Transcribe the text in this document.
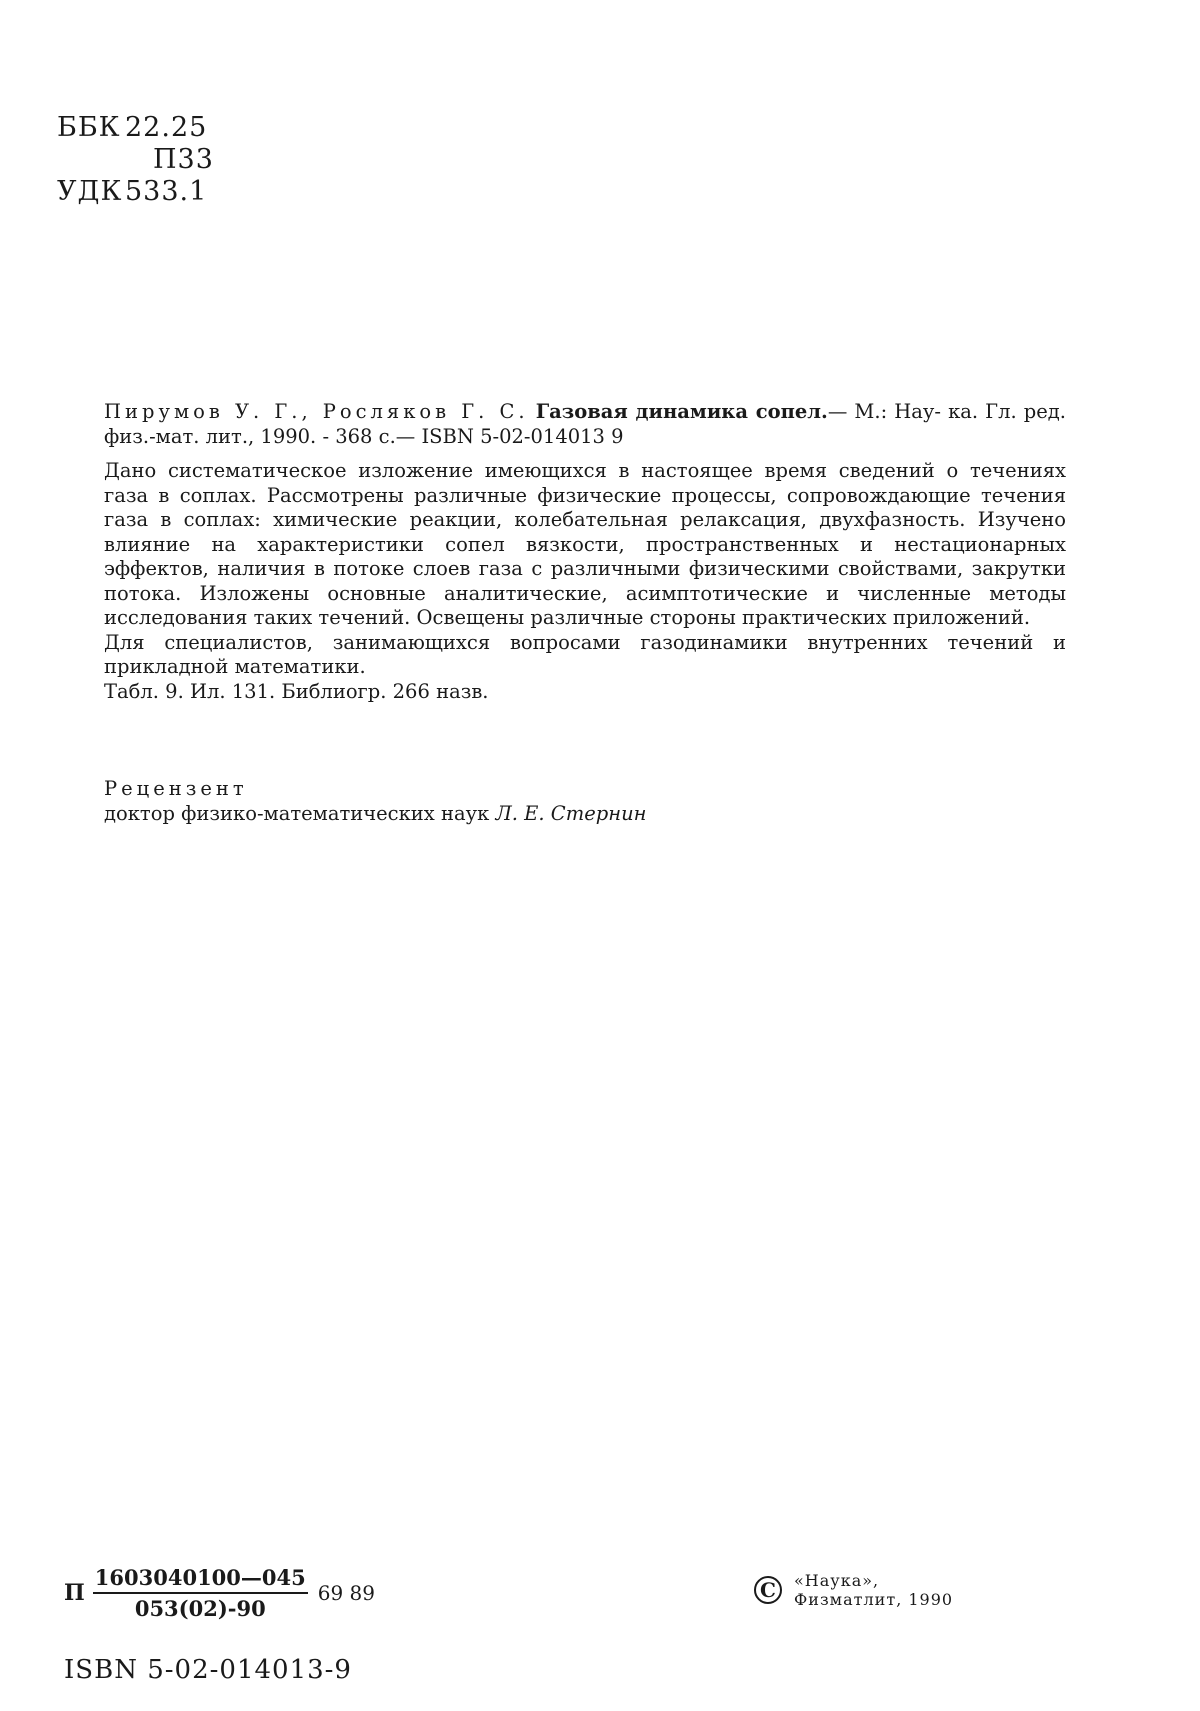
ББК 22.25
П33
УДК 533.1

Пирумов У. Г., Росляков Г. С. Газовая динамика сопел.— М.: Нау- ка. Гл. ред. физ.-мат. лит., 1990. - 368 с.— ISBN 5-02-014013 9

Дано систематическое изложение имеющихся в настоящее время сведений о течениях газа в соплах. Рассмотрены различные физические процессы, сопровождающие течения газа в соплах: химические реакции, колебательная релаксация, двухфазность. Изучено влияние на характеристики сопел вязкости, пространственных и нестационарных эффектов, наличия в потоке слоев газа с различными физическими свойствами, закрутки потока. Изложены основные аналитические, асимптотические и численные методы исследования таких течений. Освещены различные стороны практических приложений.

Для специалистов, занимающихся вопросами газодинамики внутренних течений и прикладной математики.

Табл. 9. Ил. 131. Библиогр. 266 назв.

Рецензент
доктор физико-математических наук Л. Е. Стернин
П $\frac{1603040100—045}{053(02)-90} 69$ 89	C	«Наука»,
Физматлит, 1990
ISBN 5-02-014013-9
